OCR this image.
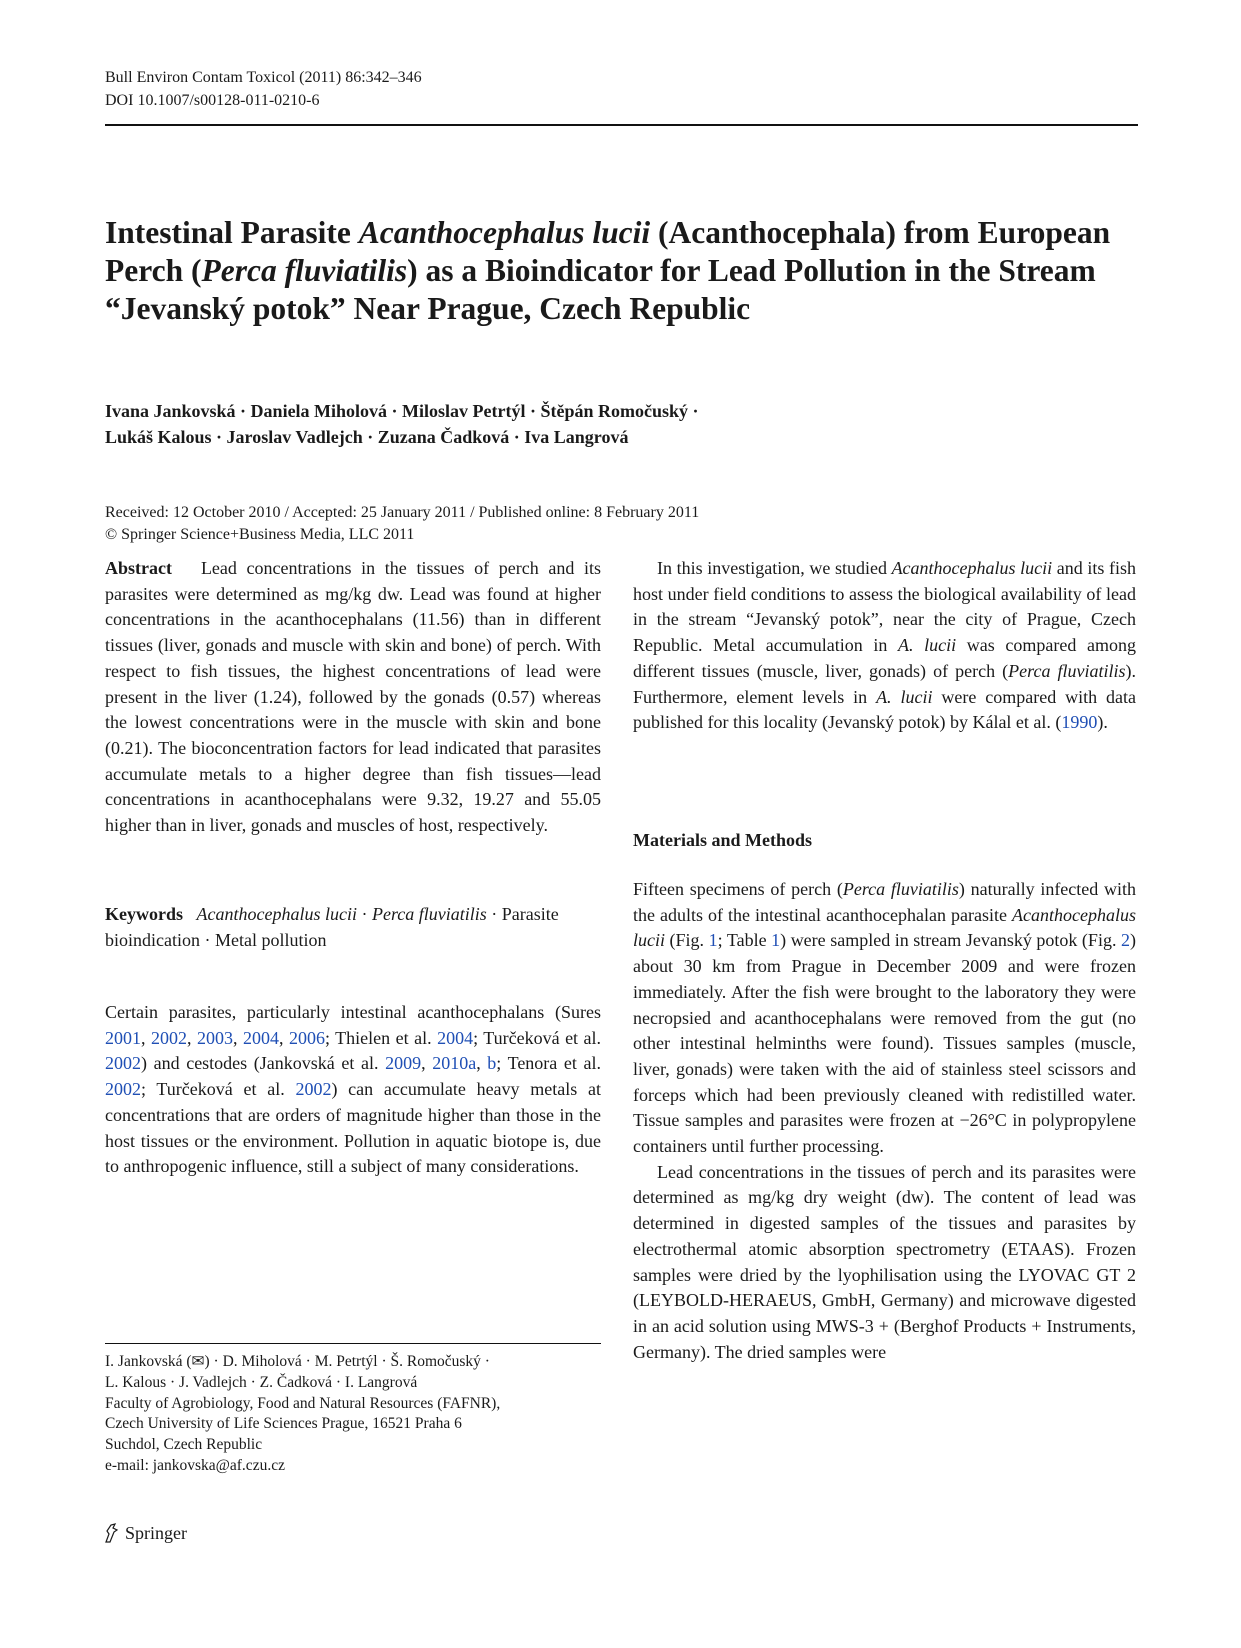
Bull Environ Contam Toxicol (2011) 86:342–346
DOI 10.1007/s00128-011-0210-6
Intestinal Parasite Acanthocephalus lucii (Acanthocephala) from European Perch (Perca fluviatilis) as a Bioindicator for Lead Pollution in the Stream “Jevanský potok” Near Prague, Czech Republic
Ivana Jankovská · Daniela Miholová · Miloslav Petrtýl · Štěpán Romočuský ·
Lukáš Kalous · Jaroslav Vadlejch · Zuzana Čadková · Iva Langrová
Received: 12 October 2010 / Accepted: 25 January 2011 / Published online: 8 February 2011
© Springer Science+Business Media, LLC 2011

Abstract Lead concentrations in the tissues of perch and its parasites were determined as mg/kg dw. Lead was found at higher concentrations in the acanthocephalans (11.56) than in different tissues (liver, gonads and muscle with skin and bone) of perch. With respect to fish tissues, the highest concentrations of lead were present in the liver (1.24), followed by the gonads (0.57) whereas the lowest concentrations were in the muscle with skin and bone (0.21). The bioconcentration factors for lead indicated that parasites accumulate metals to a higher degree than fish tissues—lead concentrations in acanthocephalans were 9.32, 19.27 and 55.05 higher than in liver, gonads and muscles of host, respectively.

Keywords Acanthocephalus lucii · Perca fluviatilis · Parasite bioindication · Metal pollution

Certain parasites, particularly intestinal acanthocephalans (Sures 2001, 2002, 2003, 2004, 2006; Thielen et al. 2004; Turčeková et al. 2002) and cestodes (Jankovská et al. 2009, 2010a, b; Tenora et al. 2002; Turčeková et al. 2002) can accumulate heavy metals at concentrations that are orders of magnitude higher than those in the host tissues or the environment. Pollution in aquatic biotope is, due to anthropogenic influence, still a subject of many considerations.

I. Jankovská (✉) · D. Miholová · M. Petrtýl · Š. Romočuský ·
L. Kalous · J. Vadlejch · Z. Čadková · I. Langrová
Faculty of Agrobiology, Food and Natural Resources (FAFNR),
Czech University of Life Sciences Prague, 16521 Praha 6
Suchdol, Czech Republic
e-mail: jankovska@af.czu.cz

In this investigation, we studied Acanthocephalus lucii and its fish host under field conditions to assess the biological availability of lead in the stream “Jevanský potok”, near the city of Prague, Czech Republic. Metal accumulation in A. lucii was compared among different tissues (muscle, liver, gonads) of perch (Perca fluviatilis). Furthermore, element levels in A. lucii were compared with data published for this locality (Jevanský potok) by Kálal et al. (1990).

Materials and Methods

Fifteen specimens of perch (Perca fluviatilis) naturally infected with the adults of the intestinal acanthocephalan parasite Acanthocephalus lucii (Fig. 1; Table 1) were sampled in stream Jevanský potok (Fig. 2) about 30 km from Prague in December 2009 and were frozen immediately. After the fish were brought to the laboratory they were necropsied and acanthocephalans were removed from the gut (no other intestinal helminths were found). Tissues samples (muscle, liver, gonads) were taken with the aid of stainless steel scissors and forceps which had been previously cleaned with redistilled water. Tissue samples and parasites were frozen at −26°C in polypropylene containers until further processing.

Lead concentrations in the tissues of perch and its parasites were determined as mg/kg dry weight (dw). The content of lead was determined in digested samples of the tissues and parasites by electrothermal atomic absorption spectrometry (ETAAS). Frozen samples were dried by the lyophilisation using the LYOVAC GT 2 (LEYBOLD-HERAEUS, GmbH, Germany) and microwave digested in an acid solution using MWS-3 + (Berghof Products + Instruments, Germany). The dried samples were

Springer
